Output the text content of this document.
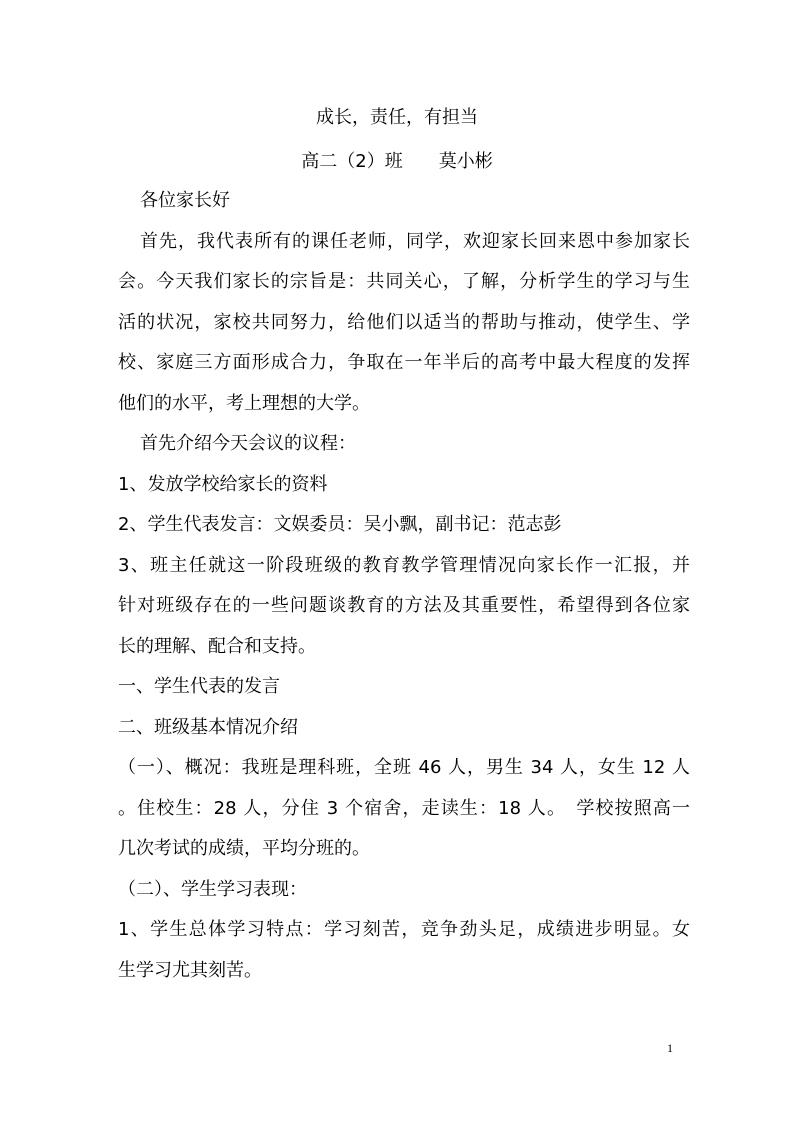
成长，责任，有担当
高二（2）班　　莫小彬
各位家长好
首先，我代表所有的课任老师，同学，欢迎家长回来恩中参加家长
会。今天我们家长的宗旨是：共同关心，了解，分析学生的学习与生
活的状况，家校共同努力，给他们以适当的帮助与推动，使学生、学
校、家庭三方面形成合力，争取在一年半后的高考中最大程度的发挥
他们的水平，考上理想的大学。
首先介绍今天会议的议程：
1、发放学校给家长的资料
2、学生代表发言：文娱委员：吴小飘，副书记：范志彭
3、班主任就这一阶段班级的教育教学管理情况向家长作一汇报，并
针对班级存在的一些问题谈教育的方法及其重要性，希望得到各位家
长的理解、配合和支持。
一、学生代表的发言
二、班级基本情况介绍
（一）、概况：我班是理科班，全班 46 人，男生 34 人，女生 12 人
。住校生：28 人，分住 3 个宿舍，走读生：18 人。　学校按照高一
几次考试的成绩，平均分班的。
（二）、学生学习表现：
1、学生总体学习特点：学习刻苦，竞争劲头足，成绩进步明显。女
生学习尤其刻苦。
1
